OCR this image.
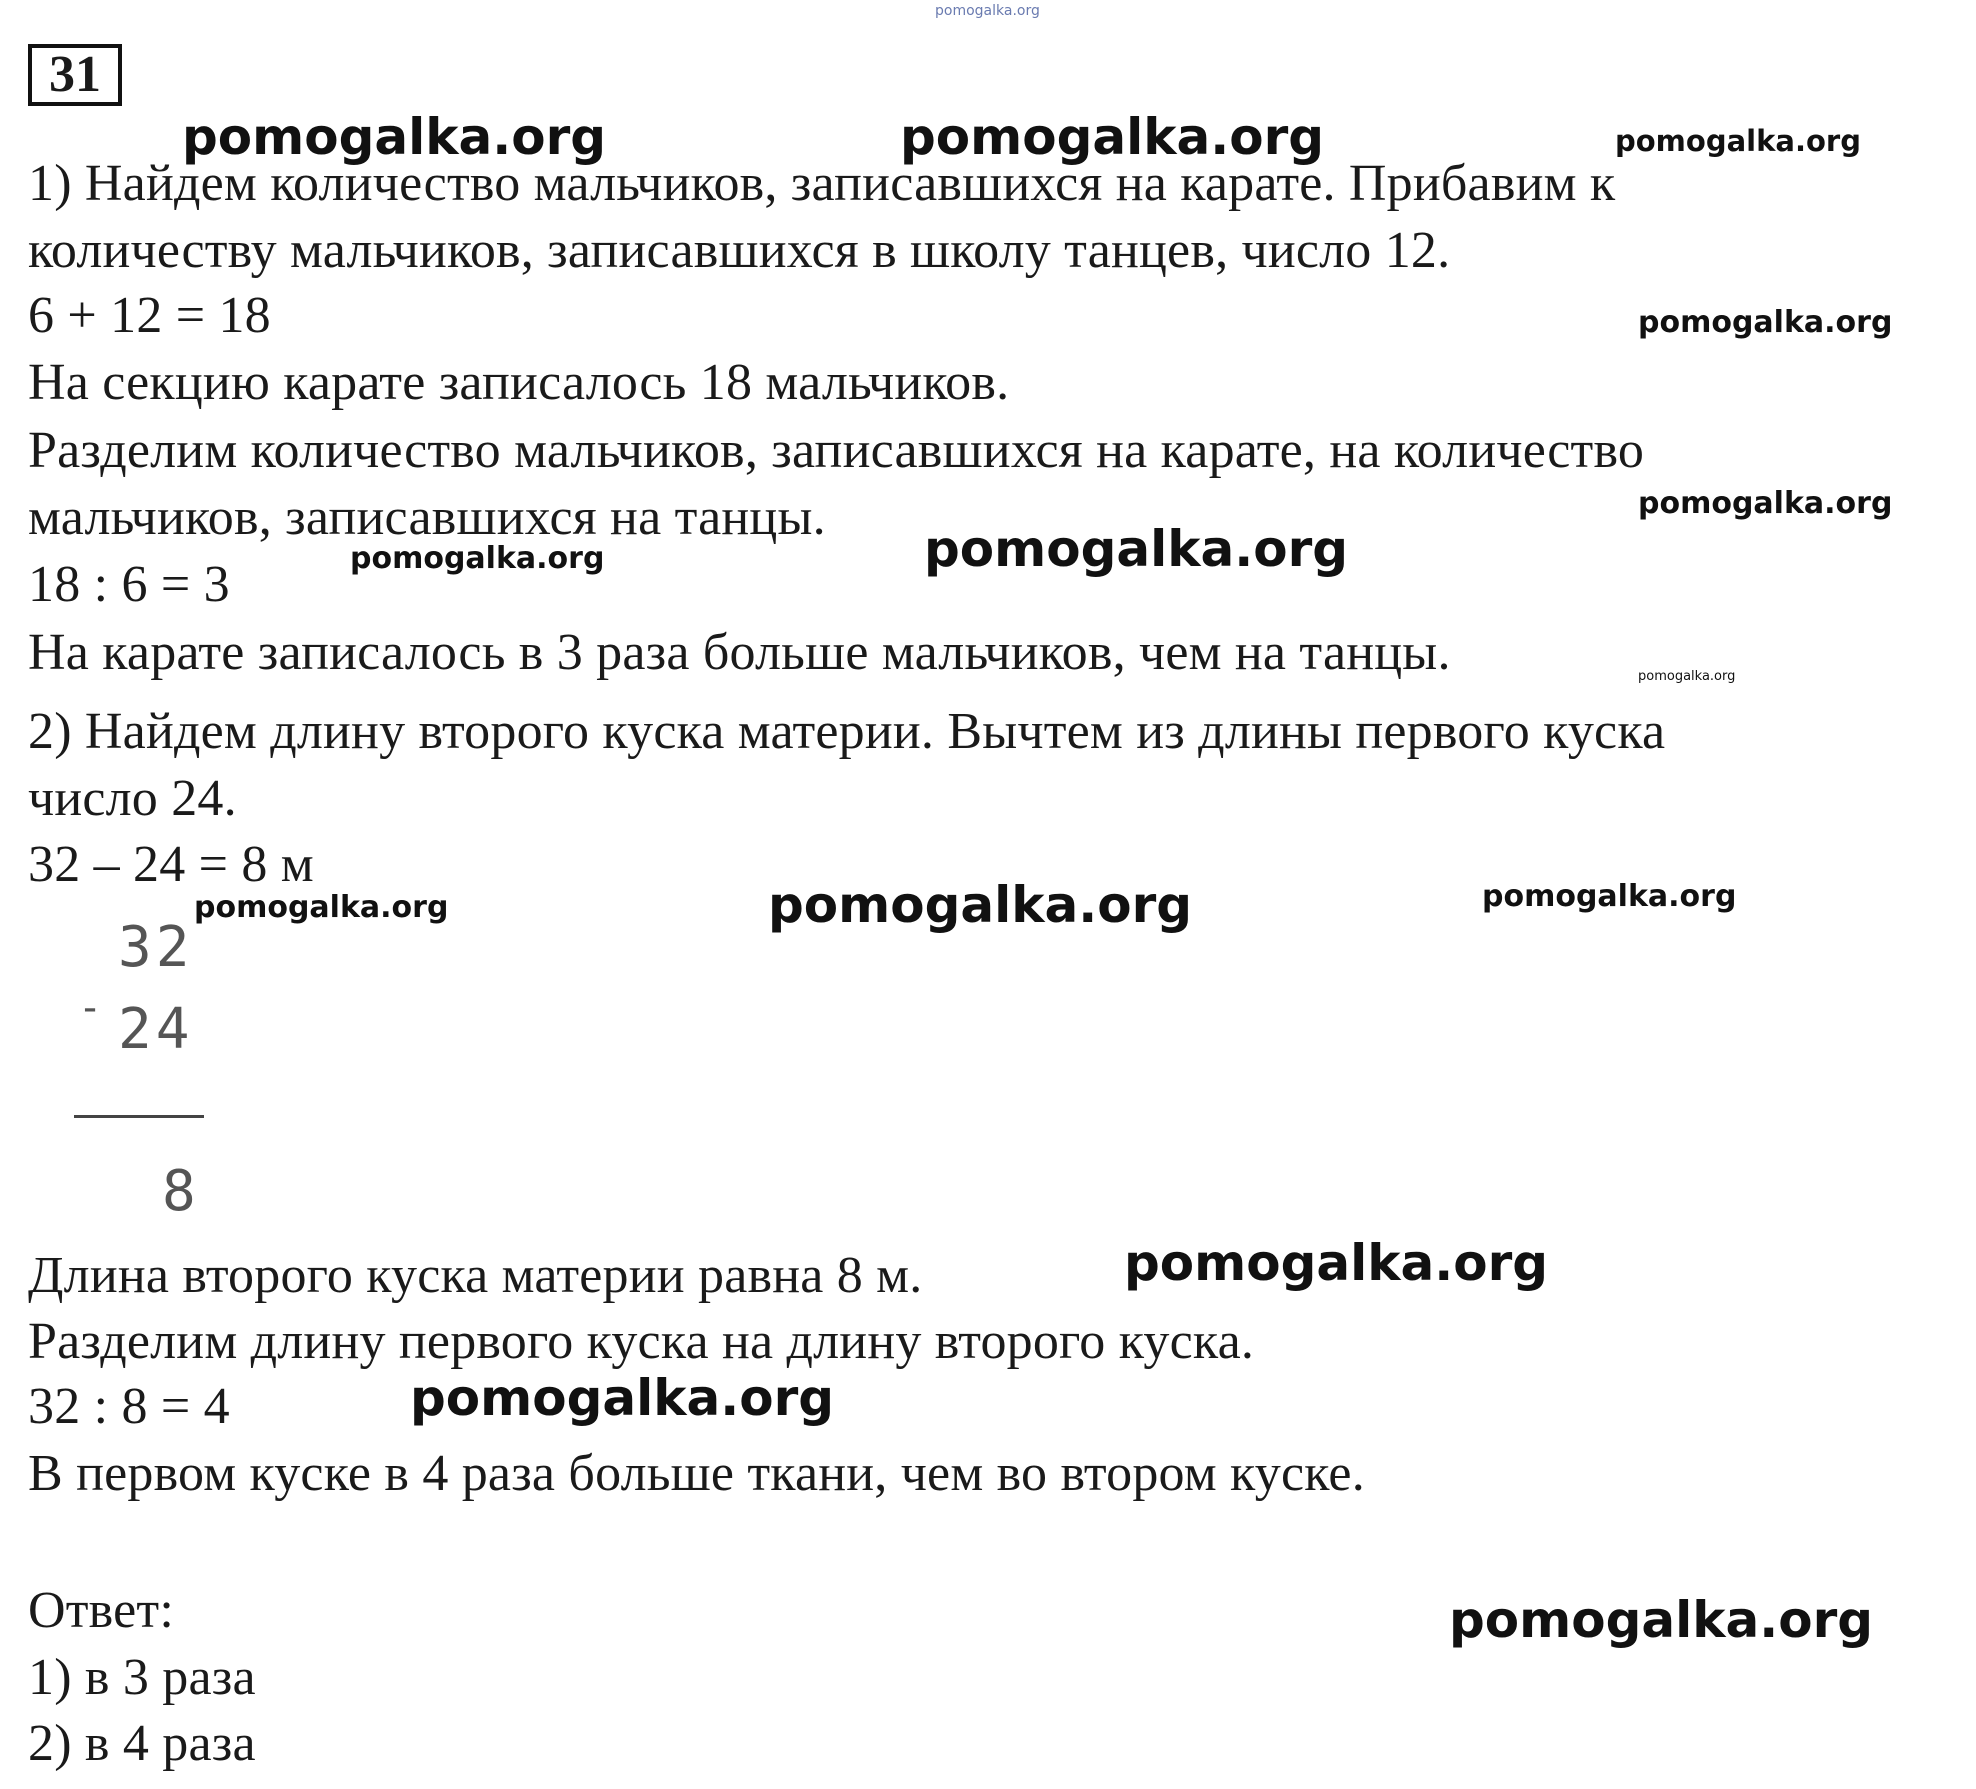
pomogalka.org
31
1) Найдем количество мальчиков, записавшихся на карате. Прибавим к
количеству мальчиков, записавшихся в школу танцев, число 12.
6 + 12 = 18
На секцию карате записалось 18 мальчиков.
Разделим количество мальчиков, записавшихся на карате, на количество
мальчиков, записавшихся на танцы.
18 : 6 = 3
На карате записалось в 3 раза больше мальчиков, чем на танцы.
2) Найдем длину второго куска материи. Вычтем из длины первого куска
число 24.
32 – 24 = 8 м
32
- 24
8
Длина второго куска материи равна 8 м.
Разделим длину первого куска на длину второго куска.
32 : 8 = 4
В первом куске в 4 раза больше ткани, чем во втором куске.
Ответ:
1) в 3 раза
2) в 4 раза
pomogalka.org	pomogalka.org	pomogalka.org
pomogalka.org
pomogalka.org
pomogalka.org	pomogalka.org
pomogalka.org
pomogalka.org	pomogalka.org	pomogalka.org
pomogalka.org
pomogalka.org
pomogalka.org
